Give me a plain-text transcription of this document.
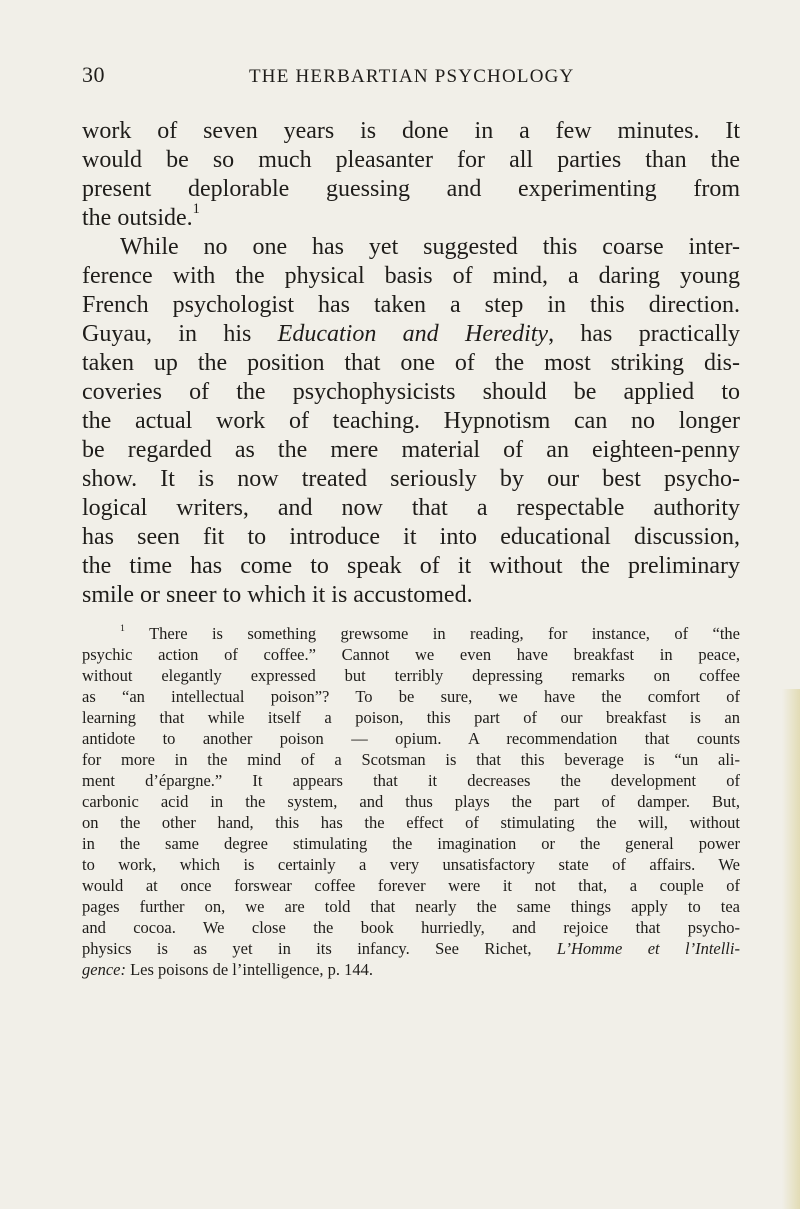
30	THE HERBARTIAN PSYCHOLOGY
work of seven years is done in a few minutes. It
would be so much pleasanter for all parties than the
present deplorable guessing and experimenting from
the outside.$^1$
While no one has yet suggested this coarse inter-
ference with the physical basis of mind, a daring young
French psychologist has taken a step in this direction.
Guyau, in his Education and Heredity, has practically
taken up the position that one of the most striking dis-
coveries of the psychophysicists should be applied to
the actual work of teaching. Hypnotism can no longer
be regarded as the mere material of an eighteen-penny
show. It is now treated seriously by our best psycho-
logical writers, and now that a respectable authority
has seen fit to introduce it into educational discussion,
the time has come to speak of it without the preliminary
smile or sneer to which it is accustomed.
$^1$ There is something grewsome in reading, for instance, of “the
psychic action of coffee.” Cannot we even have breakfast in peace,
without elegantly expressed but terribly depressing remarks on coffee
as “an intellectual poison”? To be sure, we have the comfort of
learning that while itself a poison, this part of our breakfast is an
antidote to another poison — opium. A recommendation that counts
for more in the mind of a Scotsman is that this beverage is “un ali-
ment d’épargne.” It appears that it decreases the development of
carbonic acid in the system, and thus plays the part of damper. But,
on the other hand, this has the effect of stimulating the will, without
in the same degree stimulating the imagination or the general power
to work, which is certainly a very unsatisfactory state of affairs. We
would at once forswear coffee forever were it not that, a couple of
pages further on, we are told that nearly the same things apply to tea
and cocoa. We close the book hurriedly, and rejoice that psycho-
physics is as yet in its infancy. See Richet, L’Homme et l’Intelli-
gence: Les poisons de l’intelligence, p. 144.
